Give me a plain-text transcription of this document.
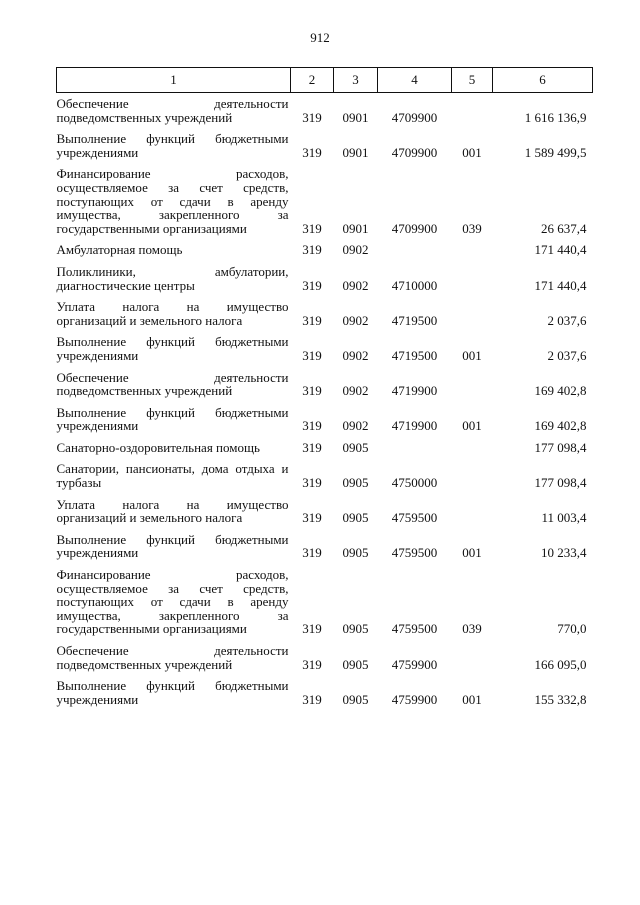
912
1	2	3	4	5	6
Обеспечение деятельности подведомственных учреждений	319	0901	4709900		1 616 136,9
Выполнение функций бюджетными учреждениями	319	0901	4709900	001	1 589 499,5
Финансирование расходов, осуществляемое за счет средств, поступающих от сдачи в аренду имущества, закрепленного за государственными организациями	319	0901	4709900	039	26 637,4
Амбулаторная помощь	319	0902			171 440,4
Поликлиники, амбулатории, диагностические центры	319	0902	4710000		171 440,4
Уплата налога на имущество организаций и земельного налога	319	0902	4719500		2 037,6
Выполнение функций бюджетными учреждениями	319	0902	4719500	001	2 037,6
Обеспечение деятельности подведомственных учреждений	319	0902	4719900		169 402,8
Выполнение функций бюджетными учреждениями	319	0902	4719900	001	169 402,8
Санаторно-оздоровительная помощь	319	0905			177 098,4
Санатории, пансионаты, дома отдыха и турбазы	319	0905	4750000		177 098,4
Уплата налога на имущество организаций и земельного налога	319	0905	4759500		11 003,4
Выполнение функций бюджетными учреждениями	319	0905	4759500	001	10 233,4
Финансирование расходов, осуществляемое за счет средств, поступающих от сдачи в аренду имущества, закрепленного за государственными организациями	319	0905	4759500	039	770,0
Обеспечение деятельности подведомственных учреждений	319	0905	4759900		166 095,0
Выполнение функций бюджетными учреждениями	319	0905	4759900	001	155 332,8
